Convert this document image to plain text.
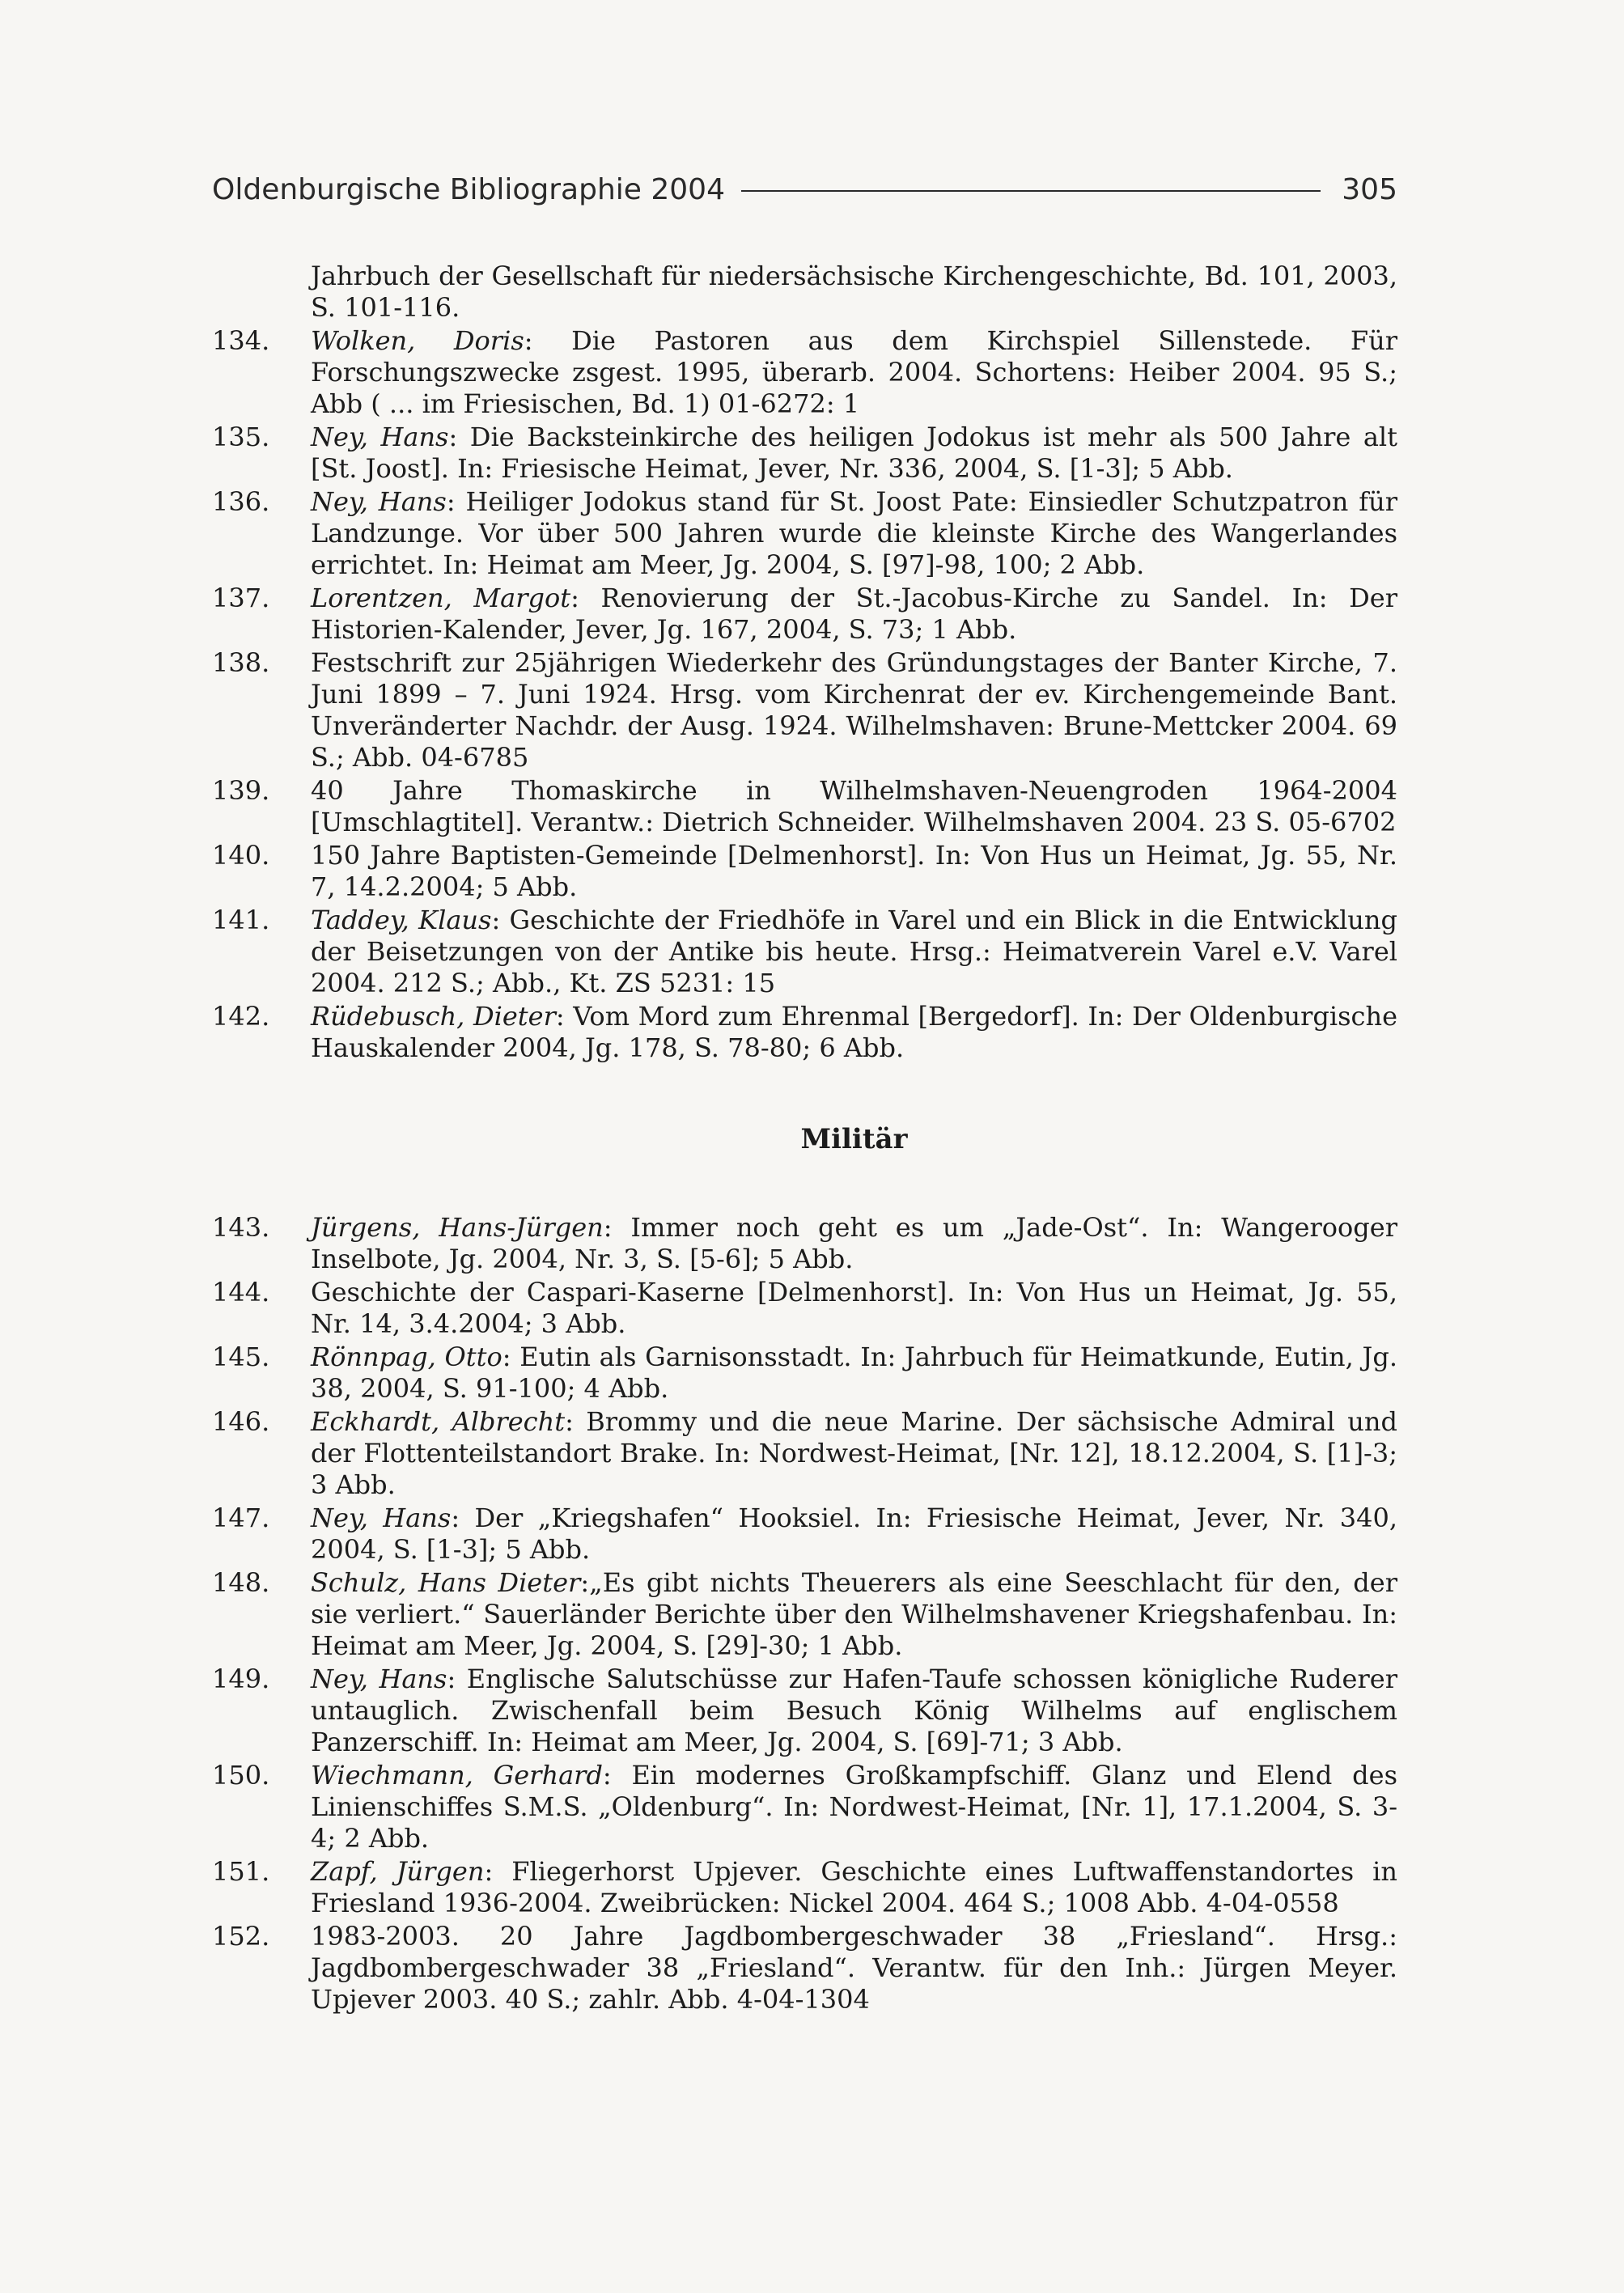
Oldenburgische Bibliographie 2004	305
Jahrbuch der Gesellschaft für niedersächsische Kirchengeschichte, Bd. 101, 2003, S. 101-116.
134.	Wolken, Doris: Die Pastoren aus dem Kirchspiel Sillenstede. Für Forschungszwecke zsgest. 1995, überarb. 2004. Schortens: Heiber 2004. 95 S.; Abb ( ... im Friesischen, Bd. 1) 01-6272: 1
135.	Ney, Hans: Die Backsteinkirche des heiligen Jodokus ist mehr als 500 Jahre alt [St. Joost]. In: Friesische Heimat, Jever, Nr. 336, 2004, S. [1-3]; 5 Abb.
136.	Ney, Hans: Heiliger Jodokus stand für St. Joost Pate: Einsiedler Schutzpatron für Landzunge. Vor über 500 Jahren wurde die kleinste Kirche des Wangerlandes errichtet. In: Heimat am Meer, Jg. 2004, S. [97]-98, 100; 2 Abb.
137.	Lorentzen, Margot: Renovierung der St.-Jacobus-Kirche zu Sandel. In: Der Historien-Kalender, Jever, Jg. 167, 2004, S. 73; 1 Abb.
138.	Festschrift zur 25jährigen Wiederkehr des Gründungstages der Banter Kirche, 7. Juni 1899 – 7. Juni 1924. Hrsg. vom Kirchenrat der ev. Kirchengemeinde Bant. Unveränderter Nachdr. der Ausg. 1924. Wilhelmshaven: Brune-Mettcker 2004. 69 S.; Abb. 04-6785
139.	40 Jahre Thomaskirche in Wilhelmshaven-Neuengroden 1964-2004 [Umschlagtitel]. Verantw.: Dietrich Schneider. Wilhelmshaven 2004. 23 S. 05-6702
140.	150 Jahre Baptisten-Gemeinde [Delmenhorst]. In: Von Hus un Heimat, Jg. 55, Nr. 7, 14.2.2004; 5 Abb.
141.	Taddey, Klaus: Geschichte der Friedhöfe in Varel und ein Blick in die Entwicklung der Beisetzungen von der Antike bis heute. Hrsg.: Heimatverein Varel e.V. Varel 2004. 212 S.; Abb., Kt. ZS 5231: 15
142.	Rüdebusch, Dieter: Vom Mord zum Ehrenmal [Bergedorf]. In: Der Oldenburgische Hauskalender 2004, Jg. 178, S. 78-80; 6 Abb.
Militär
143.	Jürgens, Hans-Jürgen: Immer noch geht es um „Jade-Ost“. In: Wangerooger Inselbote, Jg. 2004, Nr. 3, S. [5-6]; 5 Abb.
144.	Geschichte der Caspari-Kaserne [Delmenhorst]. In: Von Hus un Heimat, Jg. 55, Nr. 14, 3.4.2004; 3 Abb.
145.	Rönnpag, Otto: Eutin als Garnisonsstadt. In: Jahrbuch für Heimatkunde, Eutin, Jg. 38, 2004, S. 91-100; 4 Abb.
146.	Eckhardt, Albrecht: Brommy und die neue Marine. Der sächsische Admiral und der Flottenteilstandort Brake. In: Nordwest-Heimat, [Nr. 12], 18.12.2004, S. [1]-3; 3 Abb.
147.	Ney, Hans: Der „Kriegshafen“ Hooksiel. In: Friesische Heimat, Jever, Nr. 340, 2004, S. [1-3]; 5 Abb.
148.	Schulz, Hans Dieter:„Es gibt nichts Theuerers als eine Seeschlacht für den, der sie verliert.“ Sauerländer Berichte über den Wilhelmshavener Kriegshafenbau. In: Heimat am Meer, Jg. 2004, S. [29]-30; 1 Abb.
149.	Ney, Hans: Englische Salutschüsse zur Hafen-Taufe schossen königliche Ruderer untauglich. Zwischenfall beim Besuch König Wilhelms auf englischem Panzerschiff. In: Heimat am Meer, Jg. 2004, S. [69]-71; 3 Abb.
150.	Wiechmann, Gerhard: Ein modernes Großkampfschiff. Glanz und Elend des Linienschiffes S.M.S. „Oldenburg“. In: Nordwest-Heimat, [Nr. 1], 17.1.2004, S. 3-4; 2 Abb.
151.	Zapf, Jürgen: Fliegerhorst Upjever. Geschichte eines Luftwaffenstandortes in Friesland 1936-2004. Zweibrücken: Nickel 2004. 464 S.; 1008 Abb. 4-04-0558
152.	1983-2003. 20 Jahre Jagdbombergeschwader 38 „Friesland“. Hrsg.: Jagdbombergeschwader 38 „Friesland“. Verantw. für den Inh.: Jürgen Meyer. Upjever 2003. 40 S.; zahlr. Abb. 4-04-1304
